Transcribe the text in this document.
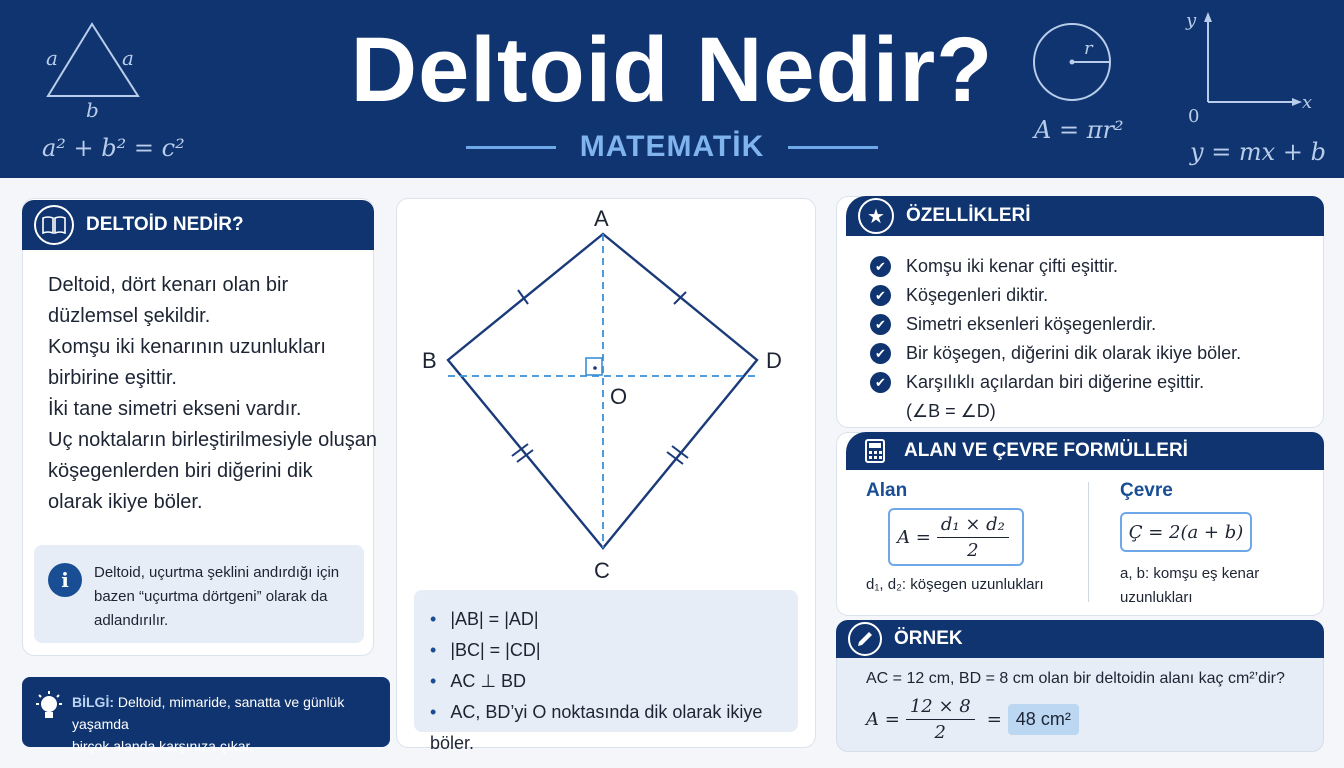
a	a
b
a² + b² = c²
Deltoid Nedir?
MATEMATİK
r
A = πr²
y
x
0
y = mx + b
DELTOİD NEDİR?

Deltoid, dört kenarı olan bir

düzlemsel şekildir.

Komşu iki kenarının uzunlukları

birbirine eşittir.

İki tane simetri ekseni vardır.

Uç noktaların birleştirilmesiyle oluşan

köşegenlerden biri diğerini dik

olarak ikiye böler.

i	Deltoid, uçurtma şeklini andırdığı için
bazen “uçurtma dörtgeni” olarak da
adlandırılır.
BİLGİ: Deltoid, mimaride, sanatta ve günlük yaşamda
birçok alanda karşınıza çıkar.
A
B
C
D
O
• |AB| = |AD|
• |BC| = |CD|
• AC ⊥ BD
• AC, BD’yi O noktasında dik olarak ikiye böler.
★	ÖZELLİKLERİ
✔ Komşu iki kenar çifti eşittir.
✔ Köşegenleri diktir.
✔ Simetri eksenleri köşegenlerdir.
✔ Bir köşegen, diğerini dik olarak ikiye böler.
✔ Karşılıklı açılardan biri diğerine eşittir.
(∠B = ∠D)
ALAN VE ÇEVRE FORMÜLLERİ
Alan
$A = \frac{\text{d₁ × d₂}}{2}$
d₁, d₂: köşegen uzunlukları
Çevre
Ç = 2(a + b)
a, b: komşu eş kenar
uzunlukları
ÖRNEK
AC = 12 cm, BD = 8 cm olan bir deltoidin alanı kaç cm²’dir?
$A = \frac{12 \times 8}{2} = 48$ cm²
